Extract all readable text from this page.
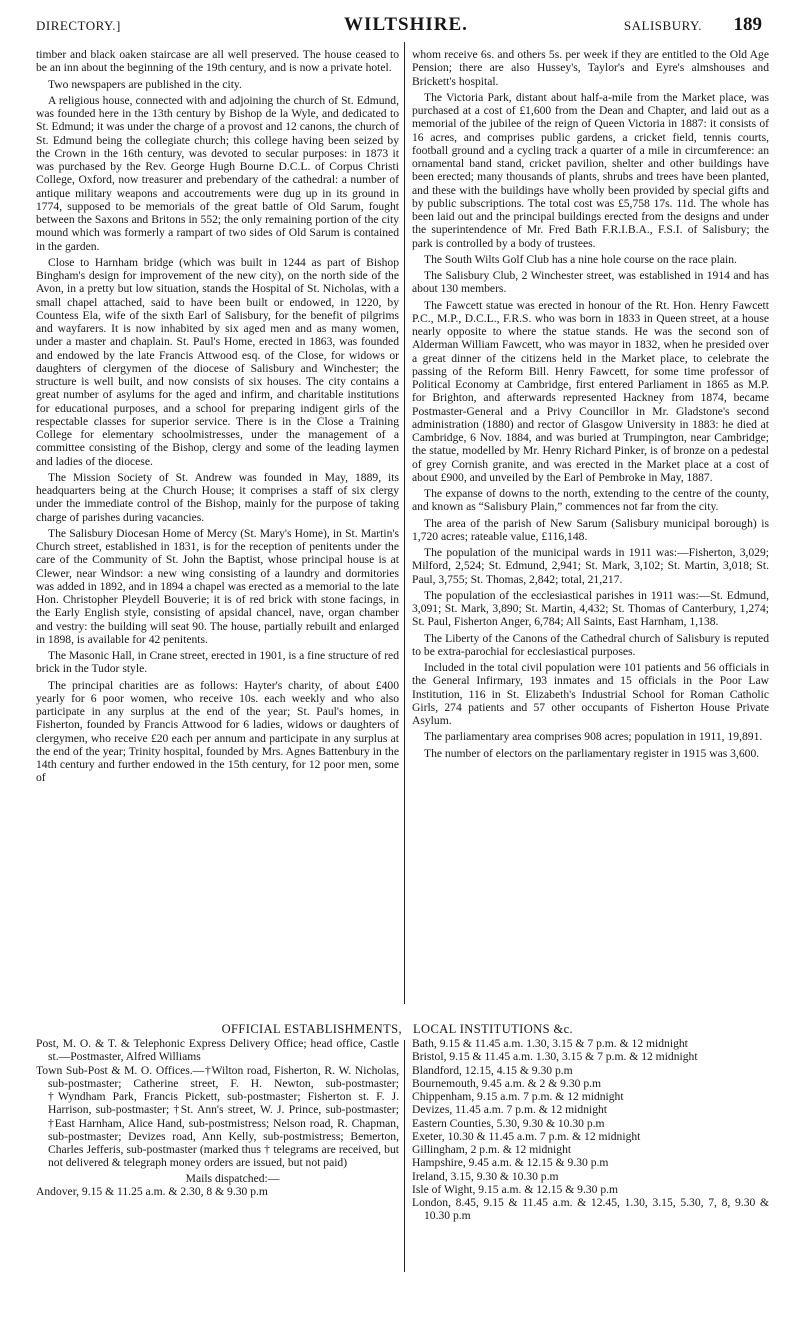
DIRECTORY.]	WILTSHIRE.	SALISBURY. 189

timber and black oaken staircase are all well preserved. The house ceased to be an inn about the beginning of the 19th century, and is now a private hotel.

Two newspapers are published in the city.

A religious house, connected with and adjoining the church of St. Edmund, was founded here in the 13th century by Bishop de la Wyle, and dedicated to St. Edmund; it was under the charge of a provost and 12 canons, the church of St. Edmund being the collegiate church; this college having been seized by the Crown in the 16th century, was devoted to secular purposes: in 1873 it was purchased by the Rev. George Hugh Bourne D.C.L. of Corpus Christi College, Oxford, now treasurer and prebendary of the cathedral: a number of antique military weapons and accoutrements were dug up in its ground in 1774, supposed to be memorials of the great battle of Old Sarum, fought between the Saxons and Britons in 552; the only remaining portion of the city mound which was formerly a rampart of two sides of Old Sarum is contained in the garden.

Close to Harnham bridge (which was built in 1244 as part of Bishop Bingham's design for improvement of the new city), on the north side of the Avon, in a pretty but low situation, stands the Hospital of St. Nicholas, with a small chapel attached, said to have been built or endowed, in 1220, by Countess Ela, wife of the sixth Earl of Salisbury, for the benefit of pilgrims and wayfarers. It is now inhabited by six aged men and as many women, under a master and chaplain. St. Paul's Home, erected in 1863, was founded and endowed by the late Francis Attwood esq. of the Close, for widows or daughters of clergymen of the diocese of Salisbury and Winchester; the structure is well built, and now consists of six houses. The city contains a great number of asylums for the aged and infirm, and charitable institutions for educational purposes, and a school for preparing indigent girls of the respectable classes for superior service. There is in the Close a Training College for elementary schoolmistresses, under the management of a committee consisting of the Bishop, clergy and some of the leading laymen and ladies of the diocese.

The Mission Society of St. Andrew was founded in May, 1889, its headquarters being at the Church House; it comprises a staff of six clergy under the immediate control of the Bishop, mainly for the purpose of taking charge of parishes during vacancies.

The Salisbury Diocesan Home of Mercy (St. Mary's Home), in St. Martin's Church street, established in 1831, is for the reception of penitents under the care of the Community of St. John the Baptist, whose principal house is at Clewer, near Windsor: a new wing consisting of a laundry and dormitories was added in 1892, and in 1894 a chapel was erected as a memorial to the late Hon. Christopher Pleydell Bouverie; it is of red brick with stone facings, in the Early English style, consisting of apsidal chancel, nave, organ chamber and vestry: the building will seat 90. The house, partially rebuilt and enlarged in 1898, is available for 42 penitents.

The Masonic Hall, in Crane street, erected in 1901, is a fine structure of red brick in the Tudor style.

The principal charities are as follows: Hayter's charity, of about £400 yearly for 6 poor women, who receive 10s. each weekly and who also participate in any surplus at the end of the year; St. Paul's homes, in Fisherton, founded by Francis Attwood for 6 ladies, widows or daughters of clergymen, who receive £20 each per annum and participate in any surplus at the end of the year; Trinity hospital, founded by Mrs. Agnes Battenbury in the 14th century and further endowed in the 15th century, for 12 poor men, some of

whom receive 6s. and others 5s. per week if they are entitled to the Old Age Pension; there are also Hussey's, Taylor's and Eyre's almshouses and Brickett's hospital.

The Victoria Park, distant about half-a-mile from the Market place, was purchased at a cost of £1,600 from the Dean and Chapter, and laid out as a memorial of the jubilee of the reign of Queen Victoria in 1887: it consists of 16 acres, and comprises public gardens, a cricket field, tennis courts, football ground and a cycling track a quarter of a mile in circumference: an ornamental band stand, cricket pavilion, shelter and other buildings have been erected; many thousands of plants, shrubs and trees have been planted, and these with the buildings have wholly been provided by special gifts and by public subscriptions. The total cost was £5,758 17s. 11d. The whole has been laid out and the principal buildings erected from the designs and under the superintendence of Mr. Fred Bath F.R.I.B.A., F.S.I. of Salisbury; the park is controlled by a body of trustees.

The South Wilts Golf Club has a nine hole course on the race plain.

The Salisbury Club, 2 Winchester street, was established in 1914 and has about 130 members.

The Fawcett statue was erected in honour of the Rt. Hon. Henry Fawcett P.C., M.P., D.C.L., F.R.S. who was born in 1833 in Queen street, at a house nearly opposite to where the statue stands. He was the second son of Alderman William Fawcett, who was mayor in 1832, when he presided over a great dinner of the citizens held in the Market place, to celebrate the passing of the Reform Bill. Henry Fawcett, for some time professor of Political Economy at Cambridge, first entered Parliament in 1865 as M.P. for Brighton, and afterwards represented Hackney from 1874, became Postmaster-General and a Privy Councillor in Mr. Gladstone's second administration (1880) and rector of Glasgow University in 1883: he died at Cambridge, 6 Nov. 1884, and was buried at Trumpington, near Cambridge; the statue, modelled by Mr. Henry Richard Pinker, is of bronze on a pedestal of grey Cornish granite, and was erected in the Market place at a cost of about £900, and unveiled by the Earl of Pembroke in May, 1887.

The expanse of downs to the north, extending to the centre of the county, and known as “Salisbury Plain,” commences not far from the city.

The area of the parish of New Sarum (Salisbury municipal borough) is 1,720 acres; rateable value, £116,148.

The population of the municipal wards in 1911 was:—Fisherton, 3,029; Milford, 2,524; St. Edmund, 2,941; St. Mark, 3,102; St. Martin, 3,018; St. Paul, 3,755; St. Thomas, 2,842; total, 21,217.

The population of the ecclesiastical parishes in 1911 was:—St. Edmund, 3,091; St. Mark, 3,890; St. Martin, 4,432; St. Thomas of Canterbury, 1,274; St. Paul, Fisherton Anger, 6,784; All Saints, East Harnham, 1,138.

The Liberty of the Canons of the Cathedral church of Salisbury is reputed to be extra-parochial for ecclesiastical purposes.

Included in the total civil population were 101 patients and 56 officials in the General Infirmary, 193 inmates and 15 officials in the Poor Law Institution, 116 in St. Elizabeth's Industrial School for Roman Catholic Girls, 274 patients and 57 other occupants of Fisherton House Private Asylum.

The parliamentary area comprises 908 acres; population in 1911, 19,891.

The number of electors on the parliamentary register in 1915 was 3,600.

OFFICIAL ESTABLISHMENTS, LOCAL INSTITUTIONS &c.

Post, M. O. & T. & Telephonic Express Delivery Office; head office, Castle st.—Postmaster, Alfred Williams

Town Sub-Post & M. O. Offices.—†Wilton road, Fisherton, R. W. Nicholas, sub-postmaster; Catherine street, F. H. Newton, sub-postmaster; †Wyndham Park, Francis Pickett, sub-postmaster; Fisherton st. F. J. Harrison, sub-postmaster; †St. Ann's street, W. J. Prince, sub-postmaster; †East Harnham, Alice Hand, sub-postmistress; Nelson road, R. Chapman, sub-postmaster; Devizes road, Ann Kelly, sub-postmistress; Bemerton, Charles Jefferis, sub-postmaster (marked thus † telegrams are received, but not delivered & telegraph money orders are issued, but not paid)

Mails dispatched:—

Andover, 9.15 & 11.25 a.m. & 2.30, 8 & 9.30 p.m

Bath, 9.15 & 11.45 a.m. 1.30, 3.15 & 7 p.m. & 12 midnight

Bristol, 9.15 & 11.45 a.m. 1.30, 3.15 & 7 p.m. & 12 midnight

Blandford, 12.15, 4.15 & 9.30 p.m

Bournemouth, 9.45 a.m. & 2 & 9.30 p.m

Chippenham, 9.15 a.m. 7 p.m. & 12 midnight

Devizes, 11.45 a.m. 7 p.m. & 12 midnight

Eastern Counties, 5.30, 9.30 & 10.30 p.m

Exeter, 10.30 & 11.45 a.m. 7 p.m. & 12 midnight

Gillingham, 2 p.m. & 12 midnight

Hampshire, 9.45 a.m. & 12.15 & 9.30 p.m

Ireland, 3.15, 9.30 & 10.30 p.m

Isle of Wight, 9.15 a.m. & 12.15 & 9.30 p.m

London, 8.45, 9.15 & 11.45 a.m. & 12.45, 1.30, 3.15, 5.30, 7, 8, 9.30 & 10.30 p.m
